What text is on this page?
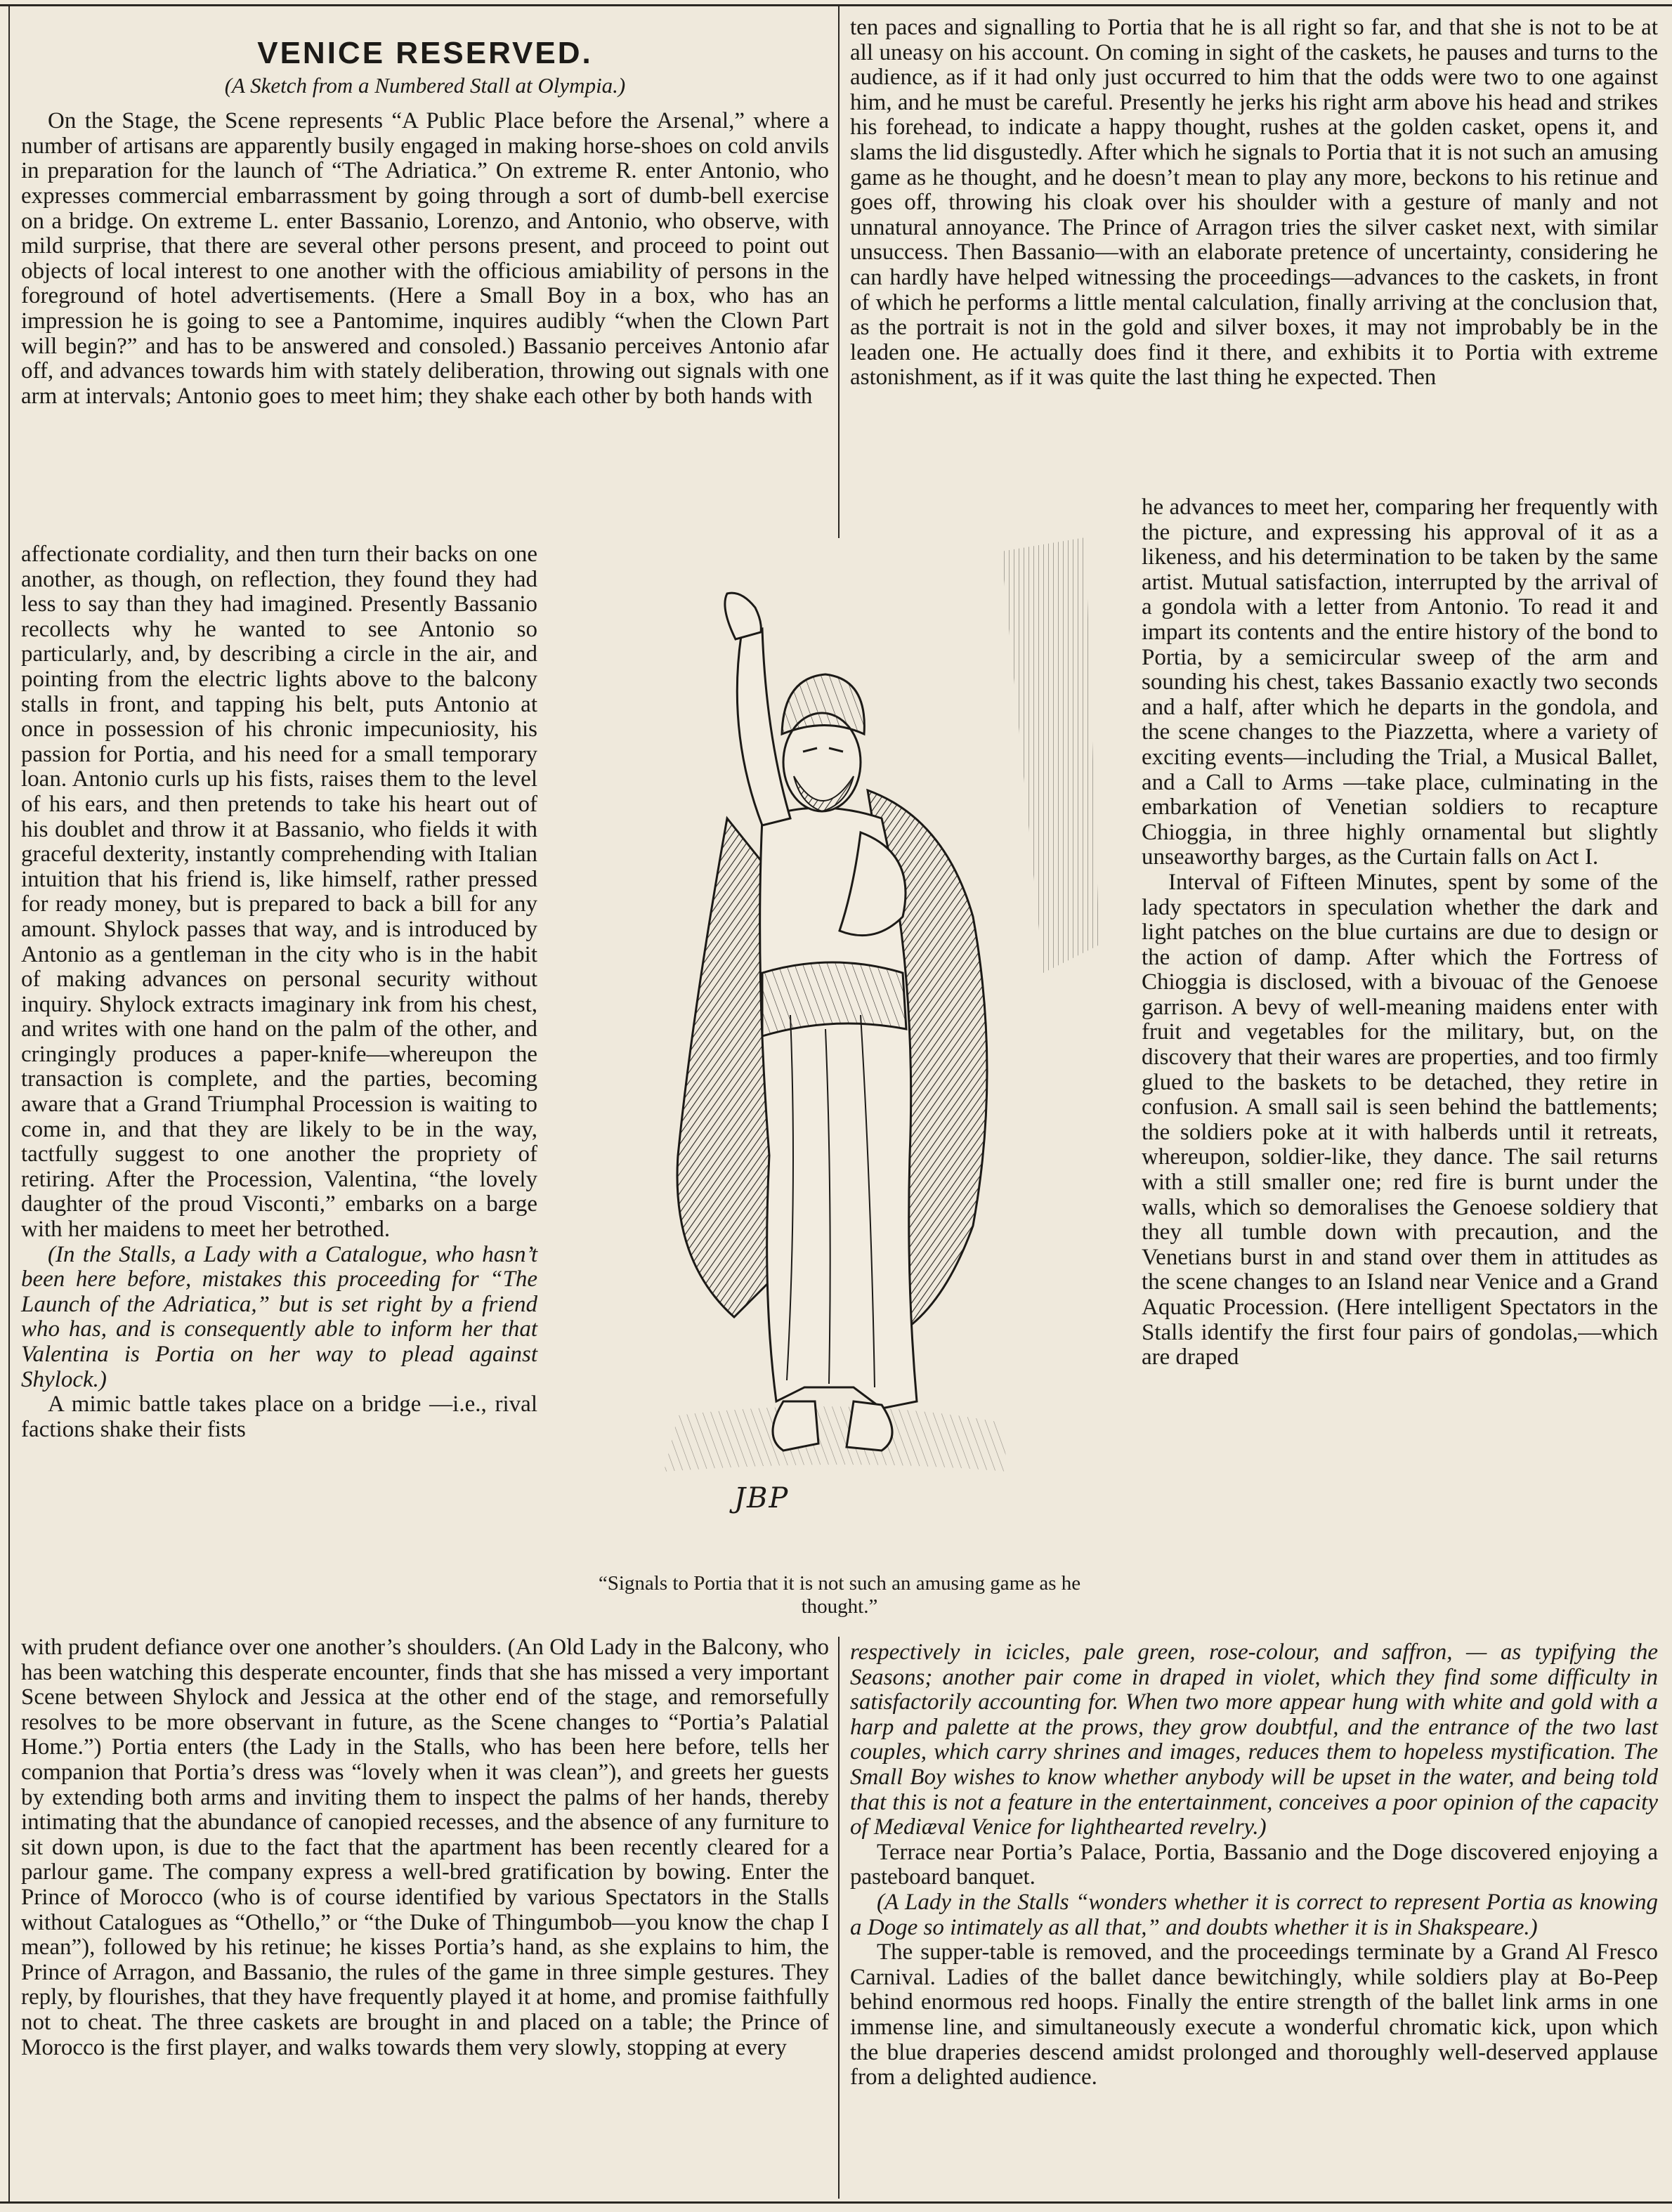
VENICE RESERVED.
(A Sketch from a Numbered Stall at Olympia.)

On the Stage, the Scene represents “A Public Place before the Arsenal,” where a number of artisans are apparently busily engaged in making horse-shoes on cold anvils in preparation for the launch of “The Adriatica.” On extreme R. enter Antonio, who expresses commercial embarrassment by going through a sort of dumb-bell exercise on a bridge. On extreme L. enter Bassanio, Lorenzo, and Antonio, who observe, with mild surprise, that there are several other persons present, and proceed to point out objects of local interest to one another with the officious amiability of persons in the foreground of hotel advertisements. (Here a Small Boy in a box, who has an impression he is going to see a Pantomime, inquires audibly “when the Clown Part will begin?” and has to be answered and consoled.) Bassanio perceives Antonio afar off, and advances towards him with stately deliberation, throwing out signals with one arm at intervals; Antonio goes to meet him; they shake each other by both hands with

affectionate cordiality, and then turn their backs on one another, as though, on reflection, they found they had less to say than they had imagined. Presently Bassanio recollects why he wanted to see Antonio so particularly, and, by describing a circle in the air, and pointing from the electric lights above to the balcony stalls in front, and tapping his belt, puts Antonio at once in possession of his chronic impecuniosity, his passion for Portia, and his need for a small temporary loan. Antonio curls up his fists, raises them to the level of his ears, and then pretends to take his heart out of his doublet and throw it at Bassanio, who fields it with graceful dexterity, instantly comprehending with Italian intuition that his friend is, like himself, rather pressed for ready money, but is prepared to back a bill for any amount. Shylock passes that way, and is introduced by Antonio as a gentleman in the city who is in the habit of making advances on personal security without inquiry. Shylock extracts imaginary ink from his chest, and writes with one hand on the palm of the other, and cringingly produces a paper-knife—whereupon the transaction is complete, and the parties, becoming aware that a Grand Triumphal Procession is waiting to come in, and that they are likely to be in the way, tactfully suggest to one another the propriety of retiring. After the Procession, Valentina, “the lovely daughter of the proud Visconti,” embarks on a barge with her maidens to meet her betrothed.

(In the Stalls, a Lady with a Catalogue, who hasn’t been here before, mistakes this proceeding for “The Launch of the Adriatica,” but is set right by a friend who has, and is consequently able to inform her that Valentina is Portia on her way to plead against Shylock.)

A mimic battle takes place on a bridge —i.e., rival factions shake their fists

with prudent defiance over one another’s shoulders. (An Old Lady in the Balcony, who has been watching this desperate encounter, finds that she has missed a very important Scene between Shylock and Jessica at the other end of the stage, and remorsefully resolves to be more observant in future, as the Scene changes to “Portia’s Palatial Home.”) Portia enters (the Lady in the Stalls, who has been here before, tells her companion that Portia’s dress was “lovely when it was clean”), and greets her guests by extending both arms and inviting them to inspect the palms of her hands, thereby intimating that the abundance of canopied recesses, and the absence of any furniture to sit down upon, is due to the fact that the apartment has been recently cleared for a parlour game. The company express a well-bred gratification by bowing. Enter the Prince of Morocco (who is of course identified by various Spectators in the Stalls without Catalogues as “Othello,” or “the Duke of Thingumbob—you know the chap I mean”), followed by his retinue; he kisses Portia’s hand, as she explains to him, the Prince of Arragon, and Bassanio, the rules of the game in three simple gestures. They reply, by flourishes, that they have frequently played it at home, and promise faithfully not to cheat. The three caskets are brought in and placed on a table; the Prince of Morocco is the first player, and walks towards them very slowly, stopping at every

ten paces and signalling to Portia that he is all right so far, and that she is not to be at all uneasy on his account. On coming in sight of the caskets, he pauses and turns to the audience, as if it had only just occurred to him that the odds were two to one against him, and he must be careful. Presently he jerks his right arm above his head and strikes his forehead, to indicate a happy thought, rushes at the golden casket, opens it, and slams the lid disgustedly. After which he signals to Portia that it is not such an amusing game as he thought, and he doesn’t mean to play any more, beckons to his retinue and goes off, throwing his cloak over his shoulder with a gesture of manly and not unnatural annoyance. The Prince of Arragon tries the silver casket next, with similar unsuccess. Then Bassanio—with an elaborate pretence of uncertainty, considering he can hardly have helped witnessing the proceedings—advances to the caskets, in front of which he performs a little mental calculation, finally arriving at the conclusion that, as the portrait is not in the gold and silver boxes, it may not improbably be in the leaden one. He actually does find it there, and exhibits it to Portia with extreme astonishment, as if it was quite the last thing he expected. Then

he advances to meet her, comparing her frequently with the picture, and expressing his approval of it as a likeness, and his determination to be taken by the same artist. Mutual satisfaction, interrupted by the arrival of a gondola with a letter from Antonio. To read it and impart its contents and the entire history of the bond to Portia, by a semicircular sweep of the arm and sounding his chest, takes Bassanio exactly two seconds and a half, after which he departs in the gondola, and the scene changes to the Piazzetta, where a variety of exciting events—including the Trial, a Musical Ballet, and a Call to Arms —take place, culminating in the embarkation of Venetian soldiers to recapture Chioggia, in three highly ornamental but slightly unseaworthy barges, as the Curtain falls on Act I.

Interval of Fifteen Minutes, spent by some of the lady spectators in speculation whether the dark and light patches on the blue curtains are due to design or the action of damp. After which the Fortress of Chioggia is disclosed, with a bivouac of the Genoese garrison. A bevy of well-meaning maidens enter with fruit and vegetables for the military, but, on the discovery that their wares are properties, and too firmly glued to the baskets to be detached, they retire in confusion. A small sail is seen behind the battlements; the soldiers poke at it with halberds until it retreats, whereupon, soldier-like, they dance. The sail returns with a still smaller one; red fire is burnt under the walls, which so demoralises the Genoese soldiery that they all tumble down with precaution, and the Venetians burst in and stand over them in attitudes as the scene changes to an Island near Venice and a Grand Aquatic Procession. (Here intelligent Spectators in the Stalls identify the first four pairs of gondolas,—which are draped

respectively in icicles, pale green, rose-colour, and saffron, — as typifying the Seasons; another pair come in draped in violet, which they find some difficulty in satisfactorily accounting for. When two more appear hung with white and gold with a harp and palette at the prows, they grow doubtful, and the entrance of the two last couples, which carry shrines and images, reduces them to hopeless mystification. The Small Boy wishes to know whether anybody will be upset in the water, and being told that this is not a feature in the entertainment, conceives a poor opinion of the capacity of Mediæval Venice for lighthearted revelry.)

Terrace near Portia’s Palace, Portia, Bassanio and the Doge discovered enjoying a pasteboard banquet.

(A Lady in the Stalls “wonders whether it is correct to represent Portia as knowing a Doge so intimately as all that,” and doubts whether it is in Shakspeare.)

The supper-table is removed, and the proceedings terminate by a Grand Al Fresco Carnival. Ladies of the ballet dance bewitchingly, while soldiers play at Bo-Peep behind enormous red hoops. Finally the entire strength of the ballet link arms in one immense line, and simultaneously execute a wonderful chromatic kick, upon which the blue draperies descend amidst prolonged and thoroughly well-deserved applause from a delighted audience.

JBP
“Signals to Portia that it is not such an amusing game as he thought.”
